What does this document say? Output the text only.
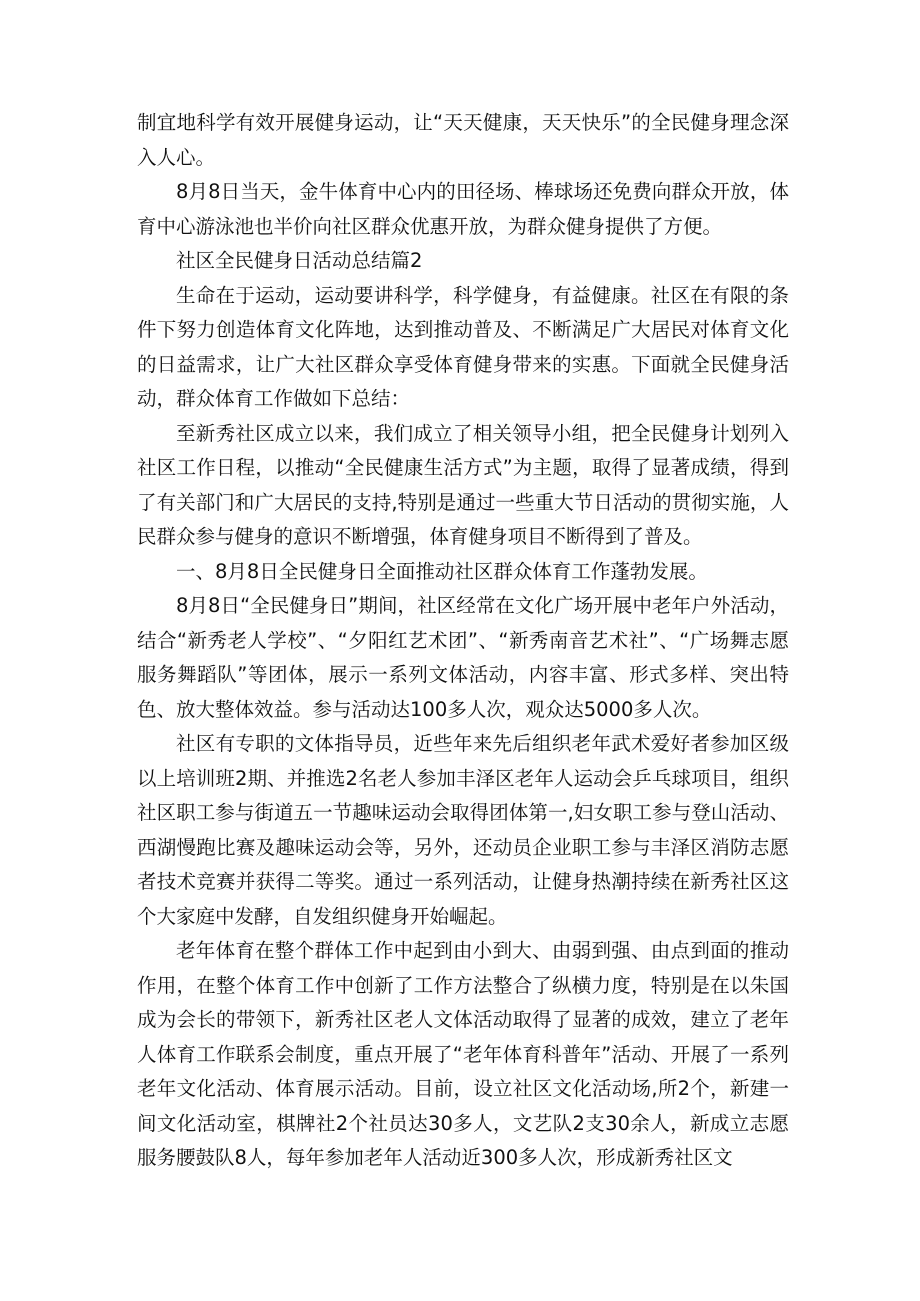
制宜地科学有效开展健身运动，让“天天健康，天天快乐”的全民健身理念深入人心。

8月8日当天，金牛体育中心内的田径场、棒球场还免费向群众开放，体育中心游泳池也半价向社区群众优惠开放，为群众健身提供了方便。

社区全民健身日活动总结篇2

生命在于运动，运动要讲科学，科学健身，有益健康。社区在有限的条件下努力创造体育文化阵地，达到推动普及、不断满足广大居民对体育文化的日益需求，让广大社区群众享受体育健身带来的实惠。下面就全民健身活动，群众体育工作做如下总结：

至新秀社区成立以来，我们成立了相关领导小组，把全民健身计划列入社区工作日程，以推动“全民健康生活方式”为主题，取得了显著成绩，得到了有关部门和广大居民的支持,特别是通过一些重大节日活动的贯彻实施，人民群众参与健身的意识不断增强，体育健身项目不断得到了普及。

一、8月8日全民健身日全面推动社区群众体育工作蓬勃发展。

8月8日“全民健身日”期间，社区经常在文化广场开展中老年户外活动，结合“新秀老人学校”、“夕阳红艺术团”、“新秀南音艺术社”、“广场舞志愿服务舞蹈队”等团体，展示一系列文体活动，内容丰富、形式多样、突出特色、放大整体效益。参与活动达100多人次，观众达5000多人次。

社区有专职的文体指导员，近些年来先后组织老年武术爱好者参加区级以上培训班2期、并推选2名老人参加丰泽区老年人运动会乒乓球项目，组织社区职工参与街道五一节趣味运动会取得团体第一,妇女职工参与登山活动、西湖慢跑比赛及趣味运动会等，另外，还动员企业职工参与丰泽区消防志愿者技术竞赛并获得二等奖。通过一系列活动，让健身热潮持续在新秀社区这个大家庭中发酵，自发组织健身开始崛起。

老年体育在整个群体工作中起到由小到大、由弱到强、由点到面的推动作用，在整个体育工作中创新了工作方法整合了纵横力度，特别是在以朱国成为会长的带领下，新秀社区老人文体活动取得了显著的成效，建立了老年人体育工作联系会制度，重点开展了“老年体育科普年”活动、开展了一系列老年文化活动、体育展示活动。目前，设立社区文化活动场,所2个，新建一间文化活动室，棋牌社2个社员达30多人，文艺队2支30余人，新成立志愿服务腰鼓队8人，每年参加老年人活动近300多人次，形成新秀社区文
